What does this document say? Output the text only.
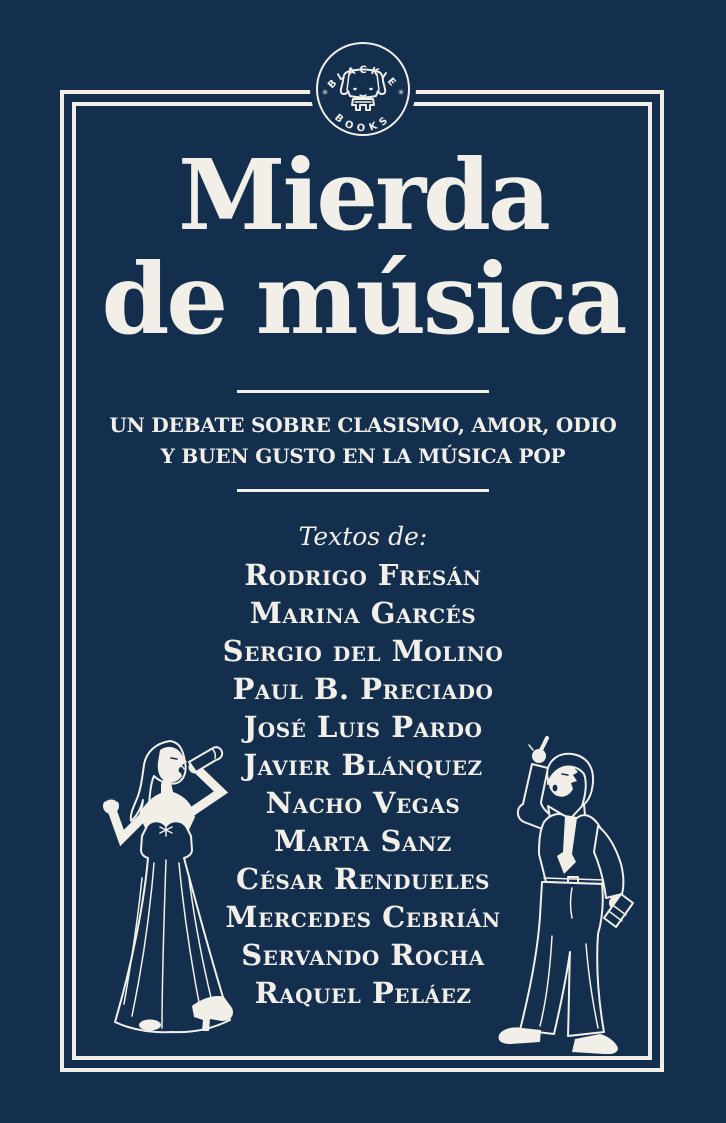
BLACKIE
BOOKS
✳	✳
Mierda
de música
UN DEBATE SOBRE CLASISMO, AMOR, ODIO
Y BUEN GUSTO EN LA MÚSICA POP
Textos de:
Rodrigo Fresán
Marina Garcés
Sergio del Molino
Paul B. Preciado
José Luis Pardo
Javier Blánquez
Nacho Vegas
Marta Sanz
César Rendueles
Mercedes Cebrián
Servando Rocha
Raquel Peláez
